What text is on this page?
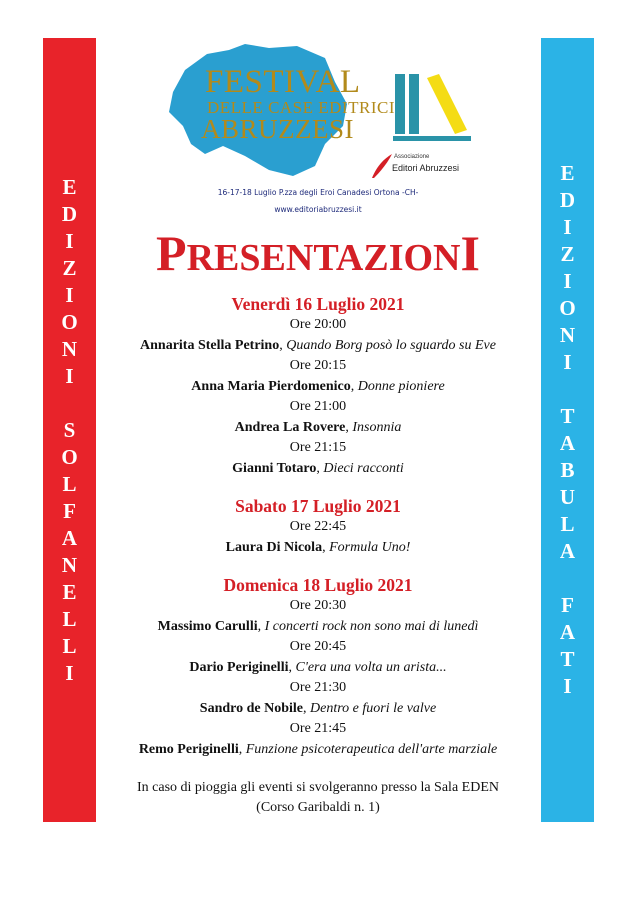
E
D
I
Z
I
O
N
I
S
O
L
F
A
N
E
L
L
I
E
D
I
Z
I
O
N
I
T
A
B
U
L
A
F
A
T
I
FESTIVAL
DELLE CASE EDITRICI
ABRUZZESI
Associazione
Editori Abruzzesi
16-17-18 Luglio P.zza degli Eroi Canadesi Ortona -CH-
www.editoriabruzzesi.it
PRESENTAZIONI
Venerdì 16 Luglio 2021
Ore 20:00
Annarita Stella Petrino, Quando Borg posò lo sguardo su Eve
Ore 20:15
Anna Maria Pierdomenico, Donne pioniere
Ore 21:00
Andrea La Rovere, Insonnia
Ore 21:15
Gianni Totaro, Dieci racconti
Sabato 17 Luglio 2021
Ore 22:45
Laura Di Nicola, Formula Uno!
Domenica 18 Luglio 2021
Ore 20:30
Massimo Carulli, I concerti rock non sono mai di lunedì
Ore 20:45
Dario Periginelli, C'era una volta un arista...
Ore 21:30
Sandro de Nobile, Dentro e fuori le valve
Ore 21:45
Remo Periginelli, Funzione psicoterapeutica dell'arte marziale
In caso di pioggia gli eventi si svolgeranno presso la Sala EDEN
(Corso Garibaldi n. 1)
